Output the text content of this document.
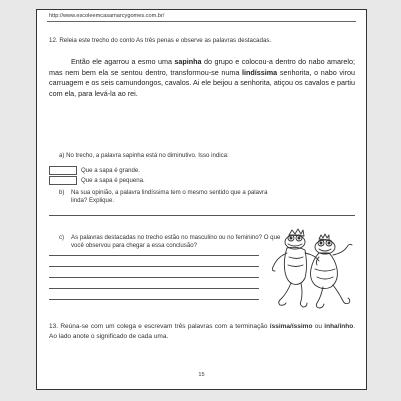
http://www.escoleemcasamarcygomes.com.br/
12. Releia este trecho do conto As três penas e observe as palavras destacadas.

Então ele agarrou a esmo uma sapinha do grupo e colocou-a dentro do nabo amarelo; mas nem bem ela se sentou dentro, transformou-se numa lindíssima senhorita, o nabo virou carruagem e os seis camundongos, cavalos. Ai ele beijou a senhorita, atiçou os cavalos e partiu com ela, para levá-la ao rei.

a) No trecho, a palavra sapinha está no diminutivo. Isso indica:
Que a sapa é grande.
Que a sapa é pequena.
b) Na sua opinião, a palavra lindíssima tem o mesmo sentido que a palavra
linda? Explique.
c) As palavras destacadas no trecho estão no masculino ou no feminino? O que
você observou para chegar a essa conclusão?
13. Reúna-se com um colega e escrevam três palavras com a terminação íssima/íssimo ou inha/inho. Ao lado anote o significado de cada uma.
15
